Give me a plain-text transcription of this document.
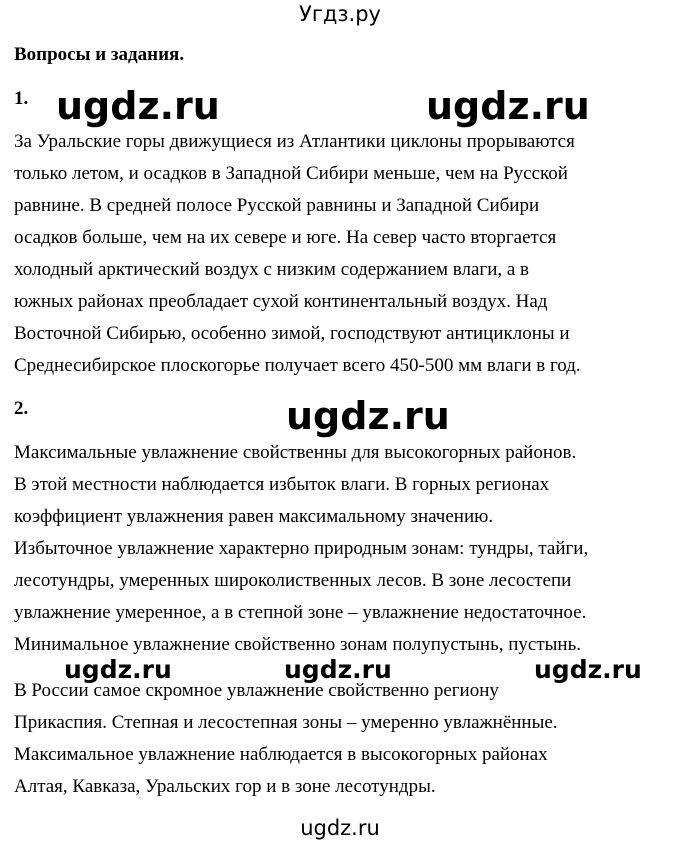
Угдз.ру
Вопросы и задания.
1. ugdz.ru	ugdz.ru
За Уральские горы движущиеся из Атлантики циклоны прорываются
только летом, и осадков в Западной Сибири меньше, чем на Русской
равнине. В средней полосе Русской равнины и Западной Сибири
осадков больше, чем на их севере и юге. На север часто вторгается
холодный арктический воздух с низким содержанием влаги, а в
южных районах преобладает сухой континентальный воздух. Над
Восточной Сибирью, особенно зимой, господствуют антициклоны и
Среднесибирское плоскогорье получает всего 450-500 мм влаги в год.
2.	ugdz.ru
Максимальные увлажнение свойственны для высокогорных районов.
В этой местности наблюдается избыток влаги. В горных регионах
коэффициент увлажнения равен максимальному значению.
Избыточное увлажнение характерно природным зонам: тундры, тайги,
лесотундры, умеренных широколиственных лесов. В зоне лесостепи
увлажнение умеренное, а в степной зоне – увлажнение недостаточное.
Минимальное увлажнение свойственно зонам полупустынь, пустынь.
ugdz.ru	ugdz.ru	ugdz.ru
В России самое скромное увлажнение свойственно региону
Прикаспия. Степная и лесостепная зоны – умеренно увлажнённые.
Максимальное увлажнение наблюдается в высокогорных районах
Алтая, Кавказа, Уральских гор и в зоне лесотундры.
ugdz.ru
